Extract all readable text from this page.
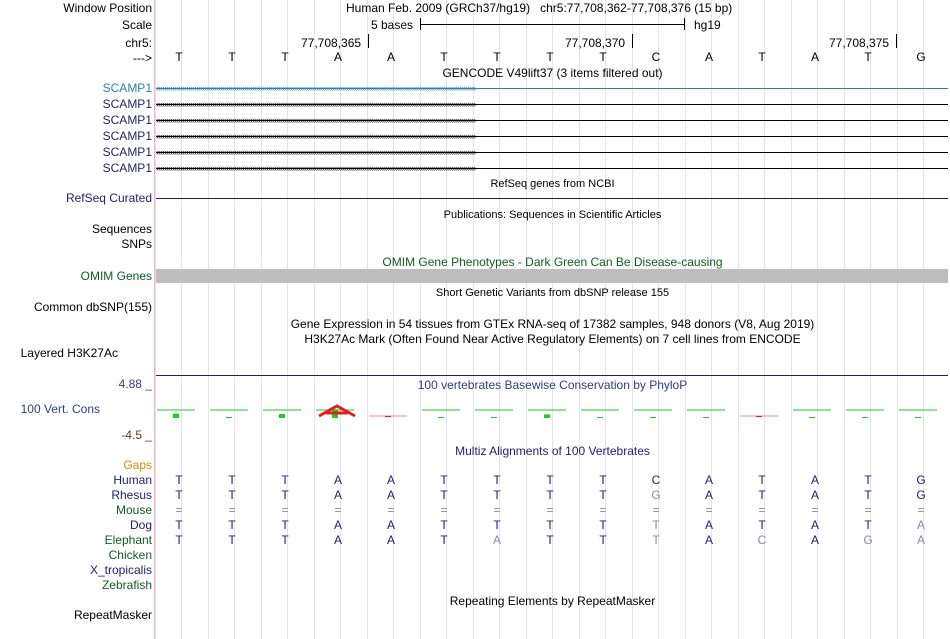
Window Position	Human Feb. 2009 (GRCh37/hg19)   chr5:77,708,362-77,708,376 (15 bp)
Scale	5 bases	hg19
chr5:	77,708,365	77,708,370	77,708,375
--->	T	T	T	A	A	T	T	T	T	C	A	T	A	T	G
GENCODE V49lift37 (3 items filtered out)
SCAMP1 ››››››››››››››››››››››››››››››››››››››››››››››››››››››››››››››››››››››››››››››››››››››››››››››››››››››››››››››››››››››››››››››››››››››››››››››››››››››››››››››››
SCAMP1 ››››››››››››››››››››››››››››››››››››››››››››››››››››››››››››››››››››››››››››››››››››››››››››››››››››››››››››››››››››››››››››››››››››››››››››››››››››››››››››››››
SCAMP1 ››››››››››››››››››››››››››››››››››››››››››››››››››››››››››››››››››››››››››››››››››››››››››››››››››››››››››››››››››››››››››››››››››››››››››››››››››››››››››››››››
SCAMP1 ››››››››››››››››››››››››››››››››››››››››››››››››››››››››››››››››››››››››››››››››››››››››››››››››››››››››››››››››››››››››››››››››››››››››››››››››››››››››››››››››
SCAMP1 ››››››››››››››››››››››››››››››››››››››››››››››››››››››››››››››››››››››››››››››››››››››››››››››››››››››››››››››››››››››››››››››››››››››››››››››››››››››››››››››››
SCAMP1 ››››››››››››››››››››››››››››››››››››››››››››››››››››››››››››››››››››››››››››››››››››››››››››››››››››››››››››››››››››››››››››››››››››››››››››››››››››››››››››››››
RefSeq genes from NCBI
RefSeq Curated
Publications: Sequences in Scientific Articles
Sequences
SNPs
OMIM Gene Phenotypes - Dark Green Can Be Disease-causing
OMIM Genes
Short Genetic Variants from dbSNP release 155
Common dbSNP(155)
Gene Expression in 54 tissues from GTEx RNA-seq of 17382 samples, 948 donors (V8, Aug 2019)
H3K27Ac Mark (Often Found Near Active Regulatory Elements) on 7 cell lines from ENCODE
Layered H3K27Ac
100 vertebrates Basewise Conservation by PhyloP
4.88 _
100 Vert. Cons
-4.5 _
Multiz Alignments of 100 Vertebrates
Gaps
Human	T	T	T	A	A	T	T	T	T	C	A	T	A	T	G
Rhesus	T	T	T	A	A	T	T	T	T	G	A	T	A	T	G
Mouse	=	=	=	=	=	=	=	=	=	=	=	=	=	=	=
Dog	T	T	T	A	A	T	T	T	T	T	A	T	A	T	A
Elephant	T	T	T	A	A	T	A	T	T	T	A	C	A	G	A
Chicken
X_tropicalis
Zebrafish
Repeating Elements by RepeatMasker
RepeatMasker
